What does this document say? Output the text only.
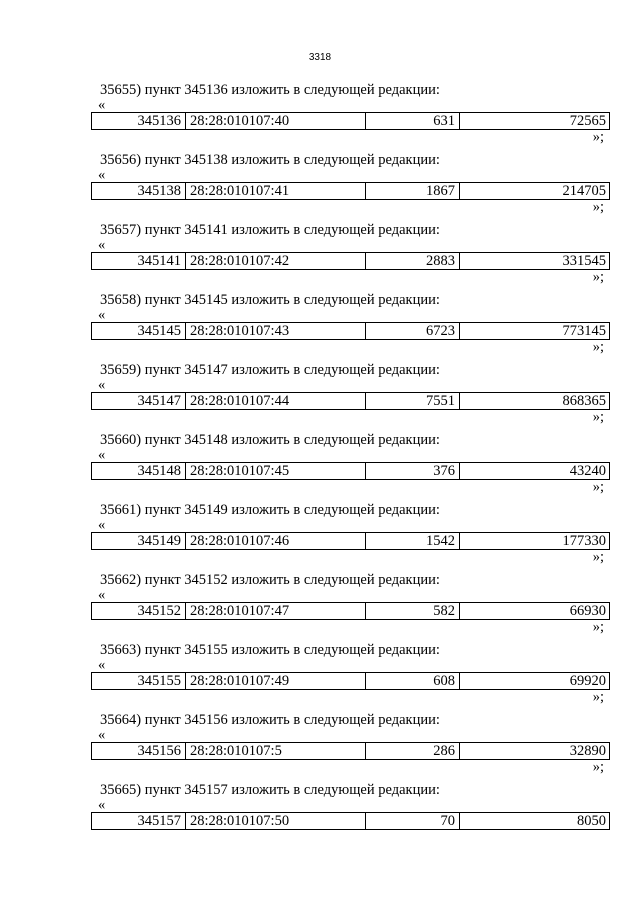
3318
35655) пункт 345136 изложить в следующей редакции:
«
345136 28:28:010107:40	631	72565
»;
35656) пункт 345138 изложить в следующей редакции:
«
345138 28:28:010107:41	1867	214705
»;
35657) пункт 345141 изложить в следующей редакции:
«
345141 28:28:010107:42	2883	331545
»;
35658) пункт 345145 изложить в следующей редакции:
«
345145 28:28:010107:43	6723	773145
»;
35659) пункт 345147 изложить в следующей редакции:
«
345147 28:28:010107:44	7551	868365
»;
35660) пункт 345148 изложить в следующей редакции:
«
345148 28:28:010107:45	376	43240
»;
35661) пункт 345149 изложить в следующей редакции:
«
345149 28:28:010107:46	1542	177330
»;
35662) пункт 345152 изложить в следующей редакции:
«
345152 28:28:010107:47	582	66930
»;
35663) пункт 345155 изложить в следующей редакции:
«
345155 28:28:010107:49	608	69920
»;
35664) пункт 345156 изложить в следующей редакции:
«
345156 28:28:010107:5	286	32890
»;
35665) пункт 345157 изложить в следующей редакции:
«
345157 28:28:010107:50	70	8050
